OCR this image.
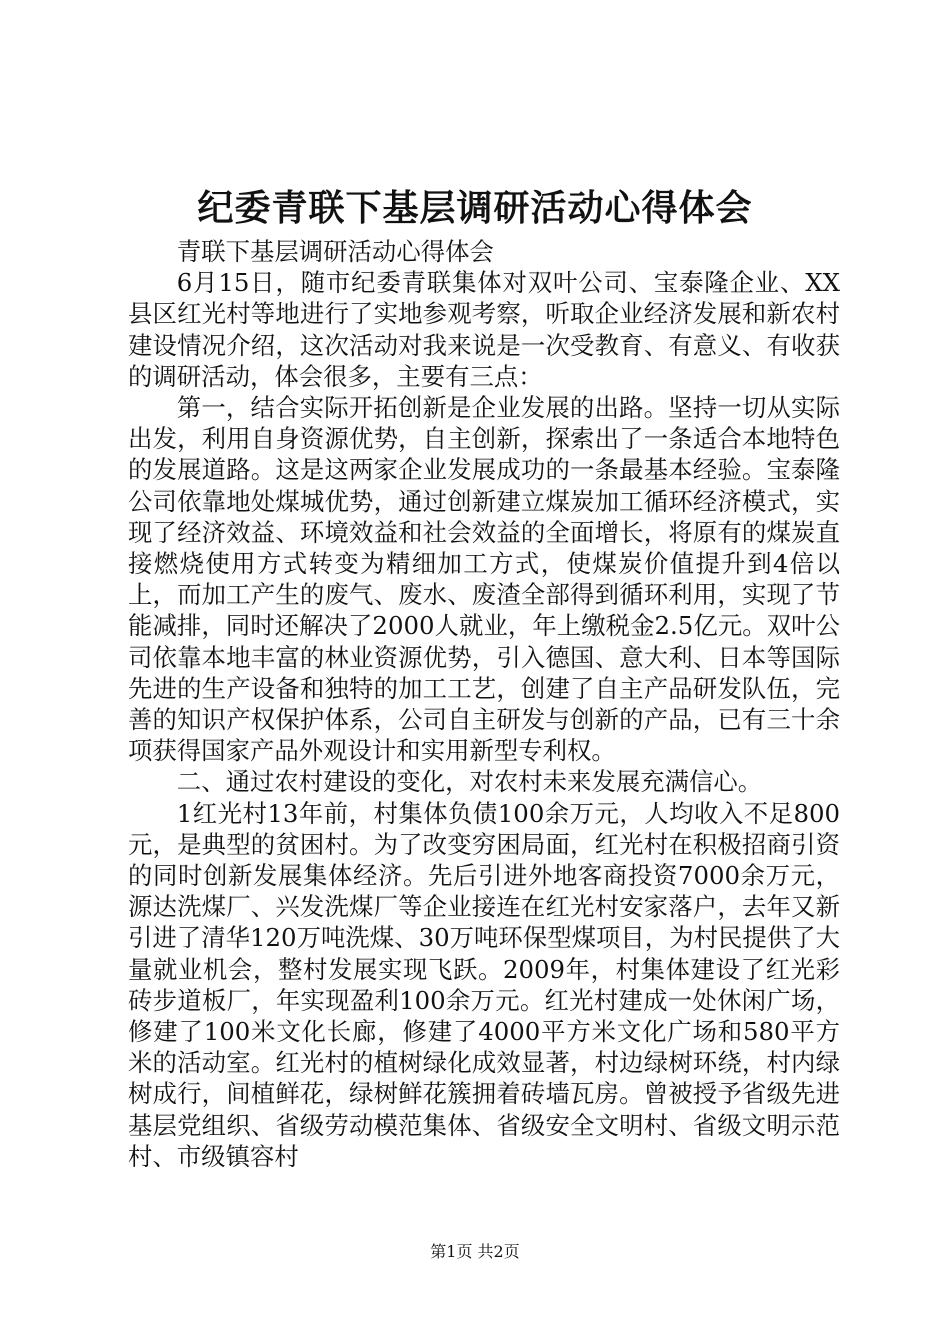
纪委青联下基层调研活动心得体会

青联下基层调研活动心得体会

6月15日，随市纪委青联集体对双叶公司、宝泰隆企业、XX县区红光村等地进行了实地参观考察，听取企业经济发展和新农村建设情况介绍，这次活动对我来说是一次受教育、有意义、有收获的调研活动，体会很多，主要有三点：

第一，结合实际开拓创新是企业发展的出路。坚持一切从实际出发，利用自身资源优势，自主创新，探索出了一条适合本地特色的发展道路。这是这两家企业发展成功的一条最基本经验。宝泰隆公司依靠地处煤城优势，通过创新建立煤炭加工循环经济模式，实现了经济效益、环境效益和社会效益的全面增长，将原有的煤炭直接燃烧使用方式转变为精细加工方式，使煤炭价值提升到4倍以上，而加工产生的废气、废水、废渣全部得到循环利用，实现了节能减排，同时还解决了2000人就业，年上缴税金2.5亿元。双叶公司依靠本地丰富的林业资源优势，引入德国、意大利、日本等国际先进的生产设备和独特的加工工艺，创建了自主产品研发队伍，完善的知识产权保护体系，公司自主研发与创新的产品，已有三十余项获得国家产品外观设计和实用新型专利权。

二、通过农村建设的变化，对农村未来发展充满信心。

1红光村13年前，村集体负债100余万元，人均收入不足800元，是典型的贫困村。为了改变穷困局面，红光村在积极招商引资的同时创新发展集体经济。先后引进外地客商投资7000余万元，源达洗煤厂、兴发洗煤厂等企业接连在红光村安家落户，去年又新引进了清华120万吨洗煤、30万吨环保型煤项目，为村民提供了大量就业机会，整村发展实现飞跃。2009年，村集体建设了红光彩砖步道板厂，年实现盈利100余万元。红光村建成一处休闲广场，修建了100米文化长廊，修建了4000平方米文化广场和580平方米的活动室。红光村的植树绿化成效显著，村边绿树环绕，村内绿树成行，间植鲜花，绿树鲜花簇拥着砖墙瓦房。曾被授予省级先进基层党组织、省级劳动模范集体、省级安全文明村、省级文明示范村、市级镇容村

第1页 共2页
